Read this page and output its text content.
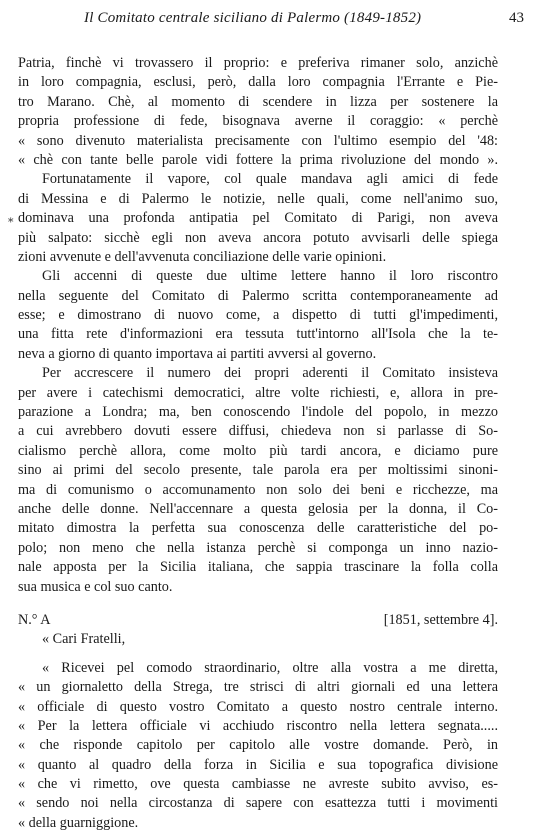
Il Comitato centrale siciliano di Palermo (1849-1852)	43
⁎
Patria, finchè vi trovassero il proprio: e preferiva rimaner solo, anzichè
in loro compagnia, esclusi, però, dalla loro compagnia l'Errante e Pie-
tro Marano. Chè, al momento di scendere in lizza per sostenere la
propria professione di fede, bisognava averne il coraggio: « perchè
« sono divenuto materialista precisamente con l'ultimo esempio del '48:
« chè con tante belle parole vidi fottere la prima rivoluzione del mondo ».
Fortunatamente il vapore, col quale mandava agli amici di fede
di Messina e di Palermo le notizie, nelle quali, come nell'animo suo,
dominava una profonda antipatia pel Comitato di Parigi, non aveva
più salpato: sicchè egli non aveva ancora potuto avvisarli delle spiega
zioni avvenute e dell'avvenuta conciliazione delle varie opinioni.
Gli accenni di queste due ultime lettere hanno il loro riscontro
nella seguente del Comitato di Palermo scritta contemporaneamente ad
esse; e dimostrano di nuovo come, a dispetto di tutti gl'impedimenti,
una fitta rete d'informazioni era tessuta tutt'intorno all'Isola che la te-
neva a giorno di quanto importava ai partiti avversi al governo.
Per accrescere il numero dei propri aderenti il Comitato insisteva
per avere i catechismi democratici, altre volte richiesti, e, allora in pre-
parazione a Londra; ma, ben conoscendo l'indole del popolo, in mezzo
a cui avrebbero dovuti essere diffusi, chiedeva non si parlasse di So-
cialismo perchè allora, come molto più tardi ancora, e diciamo pure
sino ai primi del secolo presente, tale parola era per moltissimi sinoni-
ma di comunismo o accomunamento non solo dei beni e ricchezze, ma
anche delle donne. Nell'accennare a questa gelosia per la donna, il Co-
mitato dimostra la perfetta sua conoscenza delle caratteristiche del po-
polo; non meno che nella istanza perchè si componga un inno nazio-
nale apposta per la Sicilia italiana, che sappia trascinare la folla colla
sua musica e col suo canto.
N.° A	[1851, settembre 4].
« Cari Fratelli,
« Ricevei pel comodo straordinario, oltre alla vostra a me diretta,
« un giornaletto della Strega, tre strisci di altri giornali ed una lettera
« officiale di questo vostro Comitato a questo nostro centrale interno.
« Per la lettera officiale vi acchiudo riscontro nella lettera segnata.....
« che risponde capitolo per capitolo alle vostre domande. Però, in
« quanto al quadro della forza in Sicilia e sua topografica divisione
« che vi rimetto, ove questa cambiasse ne avreste subito avviso, es-
« sendo noi nella circostanza di sapere con esattezza tutti i movimenti
« della guarniggione.
